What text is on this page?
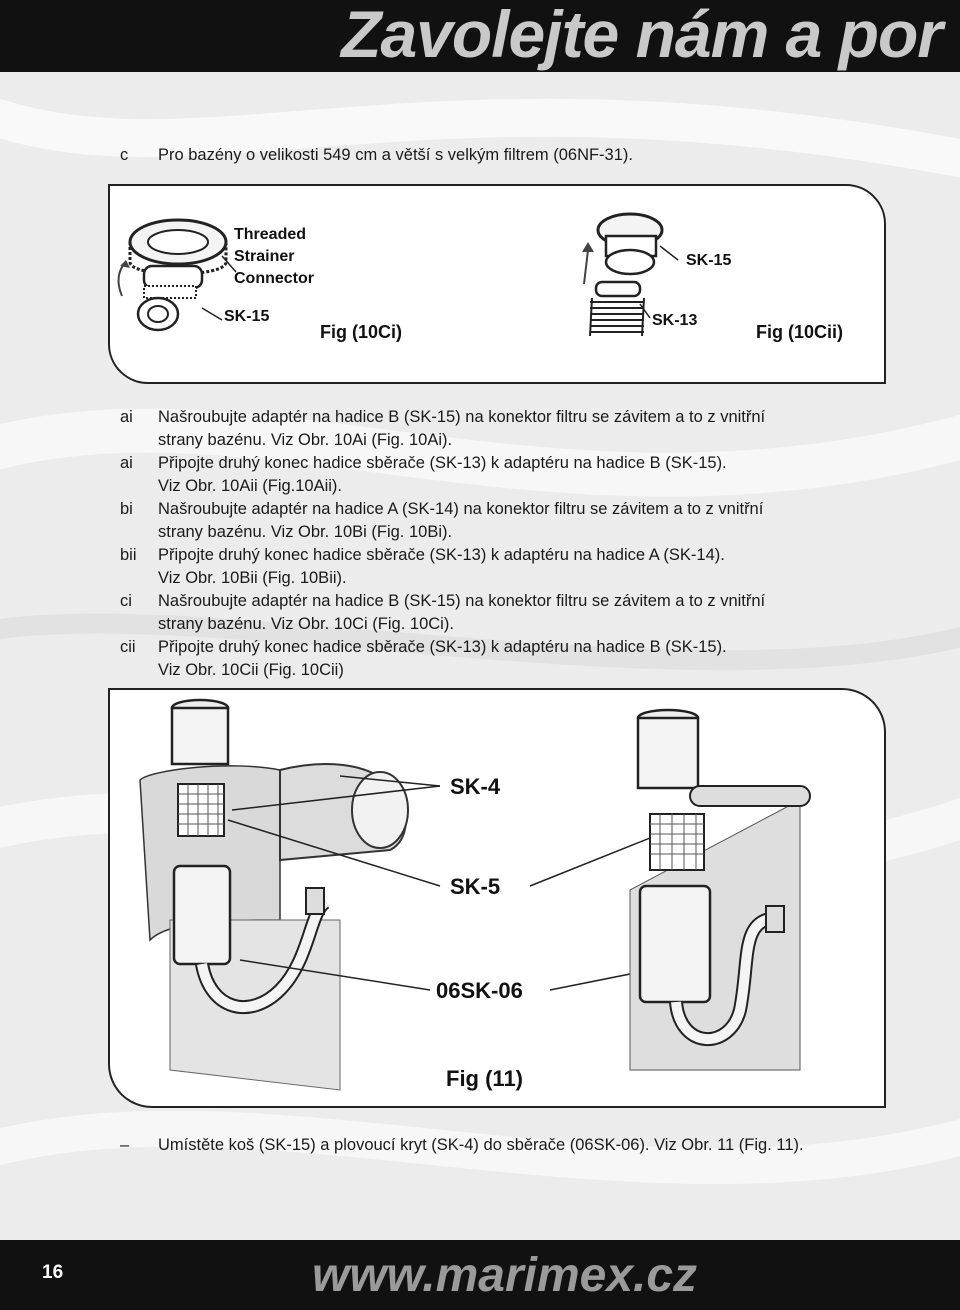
Zavolejte nám a por
c	Pro bazény o velikosti 549 cm a větší s velkým filtrem (06NF-31).
Threaded
Strainer
Connector
SK-15
Fig (10Ci)
SK-15
SK-13
Fig (10Cii)
ai	Našroubujte adaptér na hadice B (SK-15) na konektor filtru se závitem a to z vnitřní
strany bazénu. Viz Obr. 10Ai (Fig. 10Ai).
ai	Připojte druhý konec hadice sběrače (SK-13) k adaptéru na hadice B (SK-15).
Viz Obr. 10Aii (Fig.10Aii).
bi	Našroubujte adaptér na hadice A (SK-14) na konektor filtru se závitem a to z vnitřní
strany bazénu. Viz Obr. 10Bi (Fig. 10Bi).
bii	Připojte druhý konec hadice sběrače (SK-13) k adaptéru na hadice A (SK-14).
Viz Obr. 10Bii (Fig. 10Bii).
ci	Našroubujte adaptér na hadice B (SK-15) na konektor filtru se závitem a to z vnitřní
strany bazénu. Viz Obr. 10Ci (Fig. 10Ci).
cii	Připojte druhý konec hadice sběrače (SK-13) k adaptéru na hadice B (SK-15).
Viz Obr. 10Cii (Fig. 10Cii)
SK-4
SK-5
06SK-06
Fig (11)
–	Umístěte koš (SK-15) a plovoucí kryt (SK-4) do sběrače (06SK-06). Viz Obr. 11 (Fig. 11).
16	www.marimex.cz
